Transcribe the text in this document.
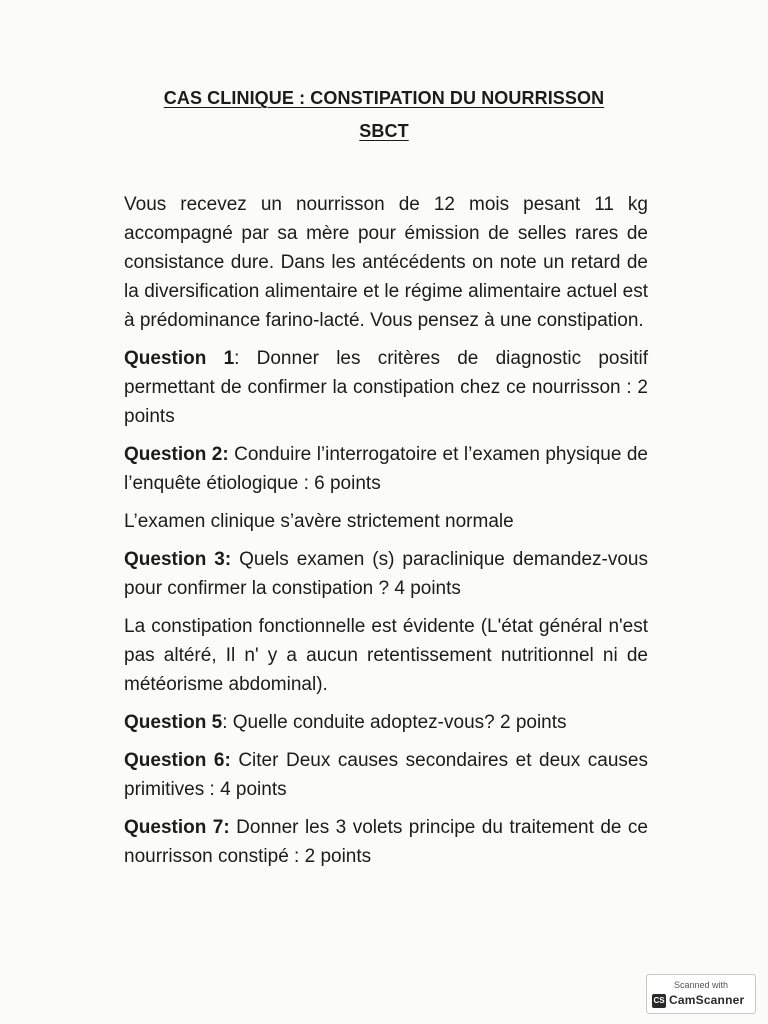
CAS CLINIQUE : CONSTIPATION DU NOURRISSON
SBCT

Vous recevez un nourrisson de 12 mois pesant 11 kg accompagné par sa mère pour émission de selles rares de consistance dure. Dans les antécédents on note un retard de la diversification alimentaire et le régime alimentaire actuel est à prédominance farino-lacté. Vous pensez à une constipation.

Question 1: Donner les critères de diagnostic positif permettant de confirmer la constipation chez ce nourrisson : 2 points

Question 2: Conduire l’interrogatoire et l’examen physique de l’enquête étiologique : 6 points

L’examen clinique s’avère strictement normale

Question 3: Quels examen (s) paraclinique demandez-vous pour confirmer la constipation ? 4 points

La constipation fonctionnelle est évidente (L'état général n'est pas altéré, Il n' y a aucun retentissement nutritionnel ni de météorisme abdominal).

Question 5: Quelle conduite adoptez-vous? 2 points

Question 6: Citer Deux causes secondaires et deux causes primitives : 4 points

Question 7: Donner les 3 volets principe du traitement de ce nourrisson constipé : 2 points

Scanned with
CS CamScanner
